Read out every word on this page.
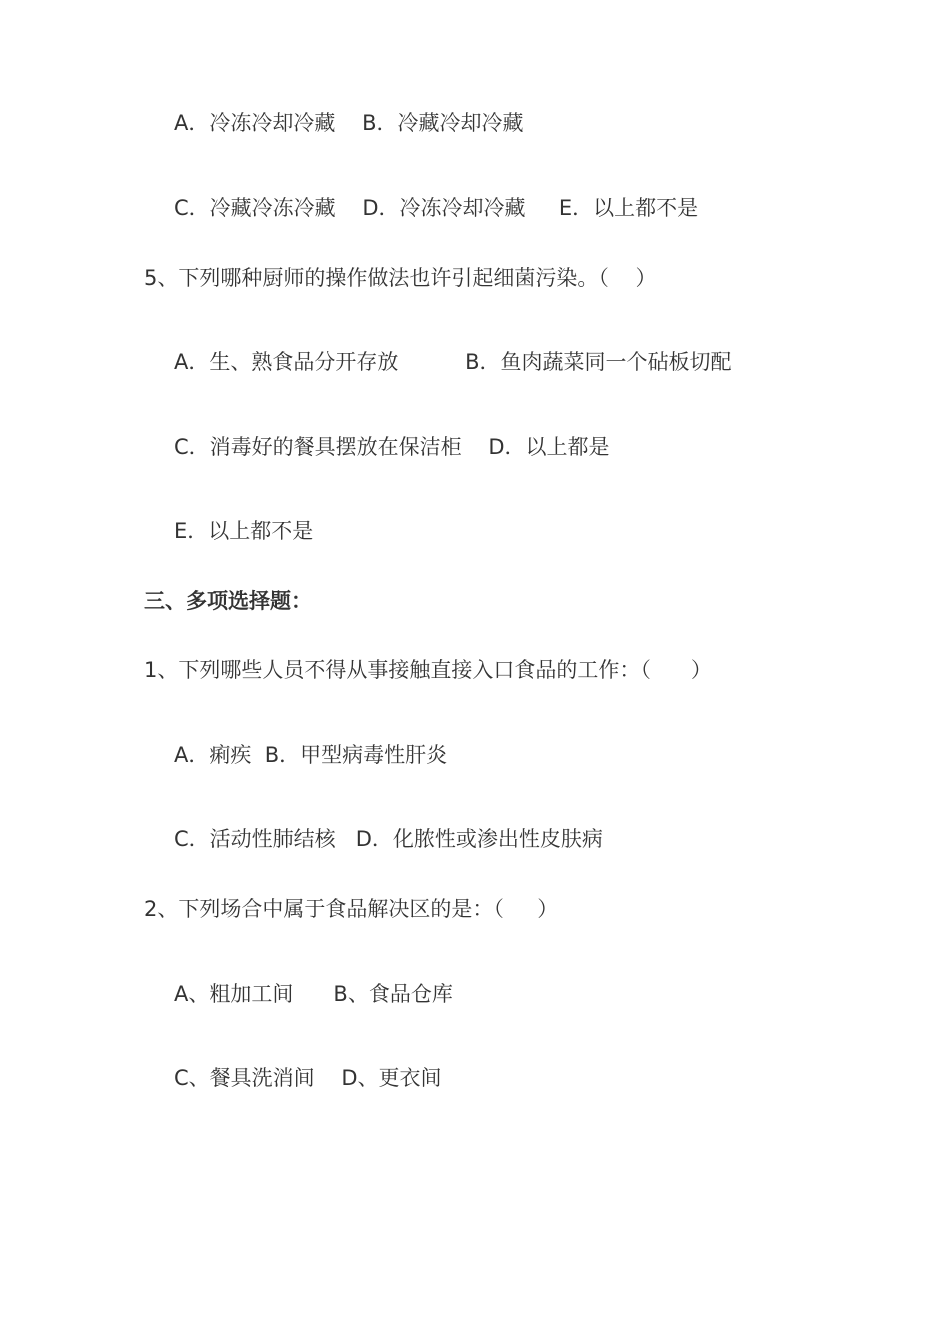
A．冷冻冷却冷藏    B．冷藏冷却冷藏
C．冷藏冷冻冷藏    D．冷冻冷却冷藏     E．以上都不是
5、下列哪种厨师的操作做法也许引起细菌污染。（    ）
A．生、熟食品分开存放          B．鱼肉蔬菜同一个砧板切配
C．消毒好的餐具摆放在保洁柜    D．以上都是
E．以上都不是
三、多项选择题：
1、下列哪些人员不得从事接触直接入口食品的工作：（      ）
A．痢疾  B．甲型病毒性肝炎
C．活动性肺结核   D．化脓性或渗出性皮肤病
2、下列场合中属于食品解决区的是：（     ）
A、粗加工间      B、食品仓库
C、餐具洗消间    D、更衣间
